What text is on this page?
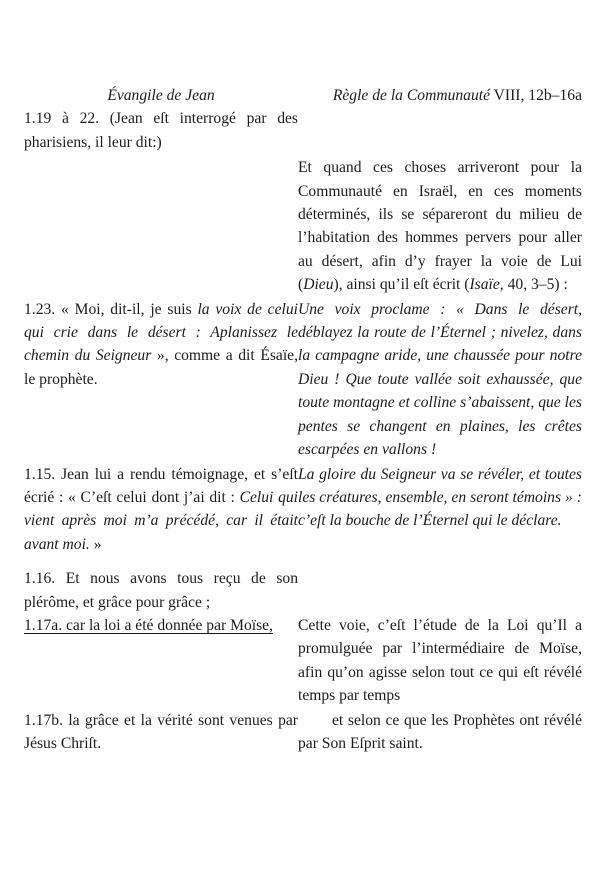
Évangile de Jean	Règle de la Communauté VIII, 12b–16a
1.19 à 22. (Jean eſt interrogé par des pharisiens, il leur dit:)
Et quand ces choses arriveront pour la Communauté en Israël, en ces moments déterminés, ils se sépareront du milieu de l’habitation des hommes pervers pour aller au désert, afin d’y frayer la voie de Lui (Dieu), ainsi qu’il eſt écrit (Isaïe, 40, 3–5) :
1.23. « Moi, dit-il, je suis la voix de celui qui crie dans le désert : Aplanissez le chemin du Seigneur », comme a dit Ésaïe, le prophète.
Une voix proclame : « Dans le désert, déblayez la route de l’Éternel ; nivelez, dans la campagne aride, une chaussée pour notre Dieu ! Que toute vallée soit exhaussée, que toute montagne et colline s’abaissent, que les pentes se changent en plaines, les crêtes escarpées en vallons !
1.15. Jean lui a rendu témoignage, et s’eſt écrié : « C’eſt celui dont j’ai dit : Celui qui vient après moi m’a précédé, car il était avant moi. »
La gloire du Seigneur va se révéler, et toutes les créatures, ensemble, en seront témoins » : c’eſt la bouche de l’Éternel qui le déclare.
1.16. Et nous avons tous reçu de son plérôme, et grâce pour grâce ;
1.17a. car la loi a été donnée par Moïse,	Cette voie, c’eſt l’étude de la Loi qu’Il a promulguée par l’intermédiaire de Moïse, afin qu’on agisse selon tout ce qui eſt révélé temps par temps
1.17b. la grâce et la vérité sont venues par Jésus Chriſt.
et selon ce que les Prophètes ont révélé par Son Eſprit saint.
